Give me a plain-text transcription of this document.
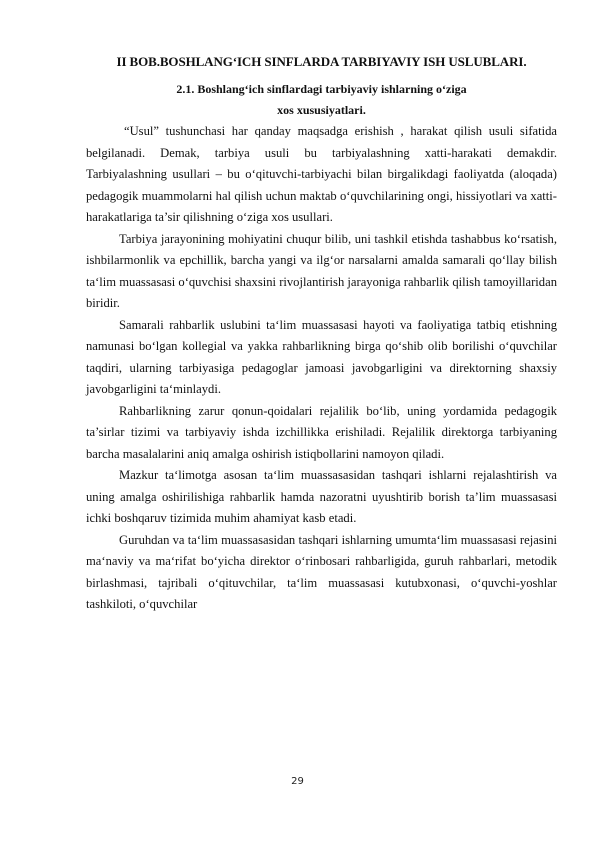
II BOB.BOSHLANG‘ICH SINFLARDA TARBIYAVIY ISH USLUBLARI.
2.1. Boshlang‘ich sinflardagi tarbiyaviy ishlarning o‘ziga
xos xususiyatlari.

“Usul” tushunchasi har qanday maqsadga erishish , harakat qilish usuli sifatida belgilanadi. Demak, tarbiya usuli bu tarbiyalashning xatti-harakati demakdir. Tarbiyalashning usullari – bu o‘qituvchi-tarbiyachi bilan birgalikdagi faoliyatda (aloqada) pedagogik muammolarni hal qilish uchun maktab o‘quvchilarining ongi, hissiyotlari va xatti-harakatlariga ta’sir qilishning o‘ziga xos usullari.

Tarbiya jarayonining mohiyatini chuqur bilib, uni tashkil etishda tashabbus ko‘rsatish, ishbilarmonlik va epchillik, barcha yangi va ilg‘or narsalarni amalda samarali qo‘llay bilish ta‘lim muassasasi o‘quvchisi shaxsini rivojlantirish jarayoniga rahbarlik qilish tamoyillaridan biridir.

Samarali rahbarlik uslubini ta‘lim muassasasi hayoti va faoliyatiga tatbiq etishning namunasi bo‘lgan kollegial va yakka rahbarlikning birga qo‘shib olib borilishi o‘quvchilar taqdiri, ularning tarbiyasiga pedagoglar jamoasi javobgarligini va direktorning shaxsiy javobgarligini ta‘minlaydi.

Rahbarlikning zarur qonun-qoidalari rejalilik bo‘lib, uning yordamida pedagogik ta’sirlar tizimi va tarbiyaviy ishda izchillikka erishiladi. Rejalilik direktorga tarbiyaning barcha masalalarini aniq amalga oshirish istiqbollarini namoyon qiladi.

Mazkur ta‘limotga asosan ta‘lim muassasasidan tashqari ishlarni rejalashtirish va uning amalga oshirilishiga rahbarlik hamda nazoratni uyushtirib borish ta’lim muassasasi ichki boshqaruv tizimida muhim ahamiyat kasb etadi.

Guruhdan va ta‘lim muassasasidan tashqari ishlarning umumta‘lim muassasasi rejasini ma‘naviy va ma‘rifat bo‘yicha direktor o‘rinbosari rahbarligida, guruh rahbarlari, metodik birlashmasi, tajribali o‘qituvchilar, ta‘lim muassasasi kutubxonasi, o‘quvchi-yoshlar tashkiloti, o‘quvchilar

29
